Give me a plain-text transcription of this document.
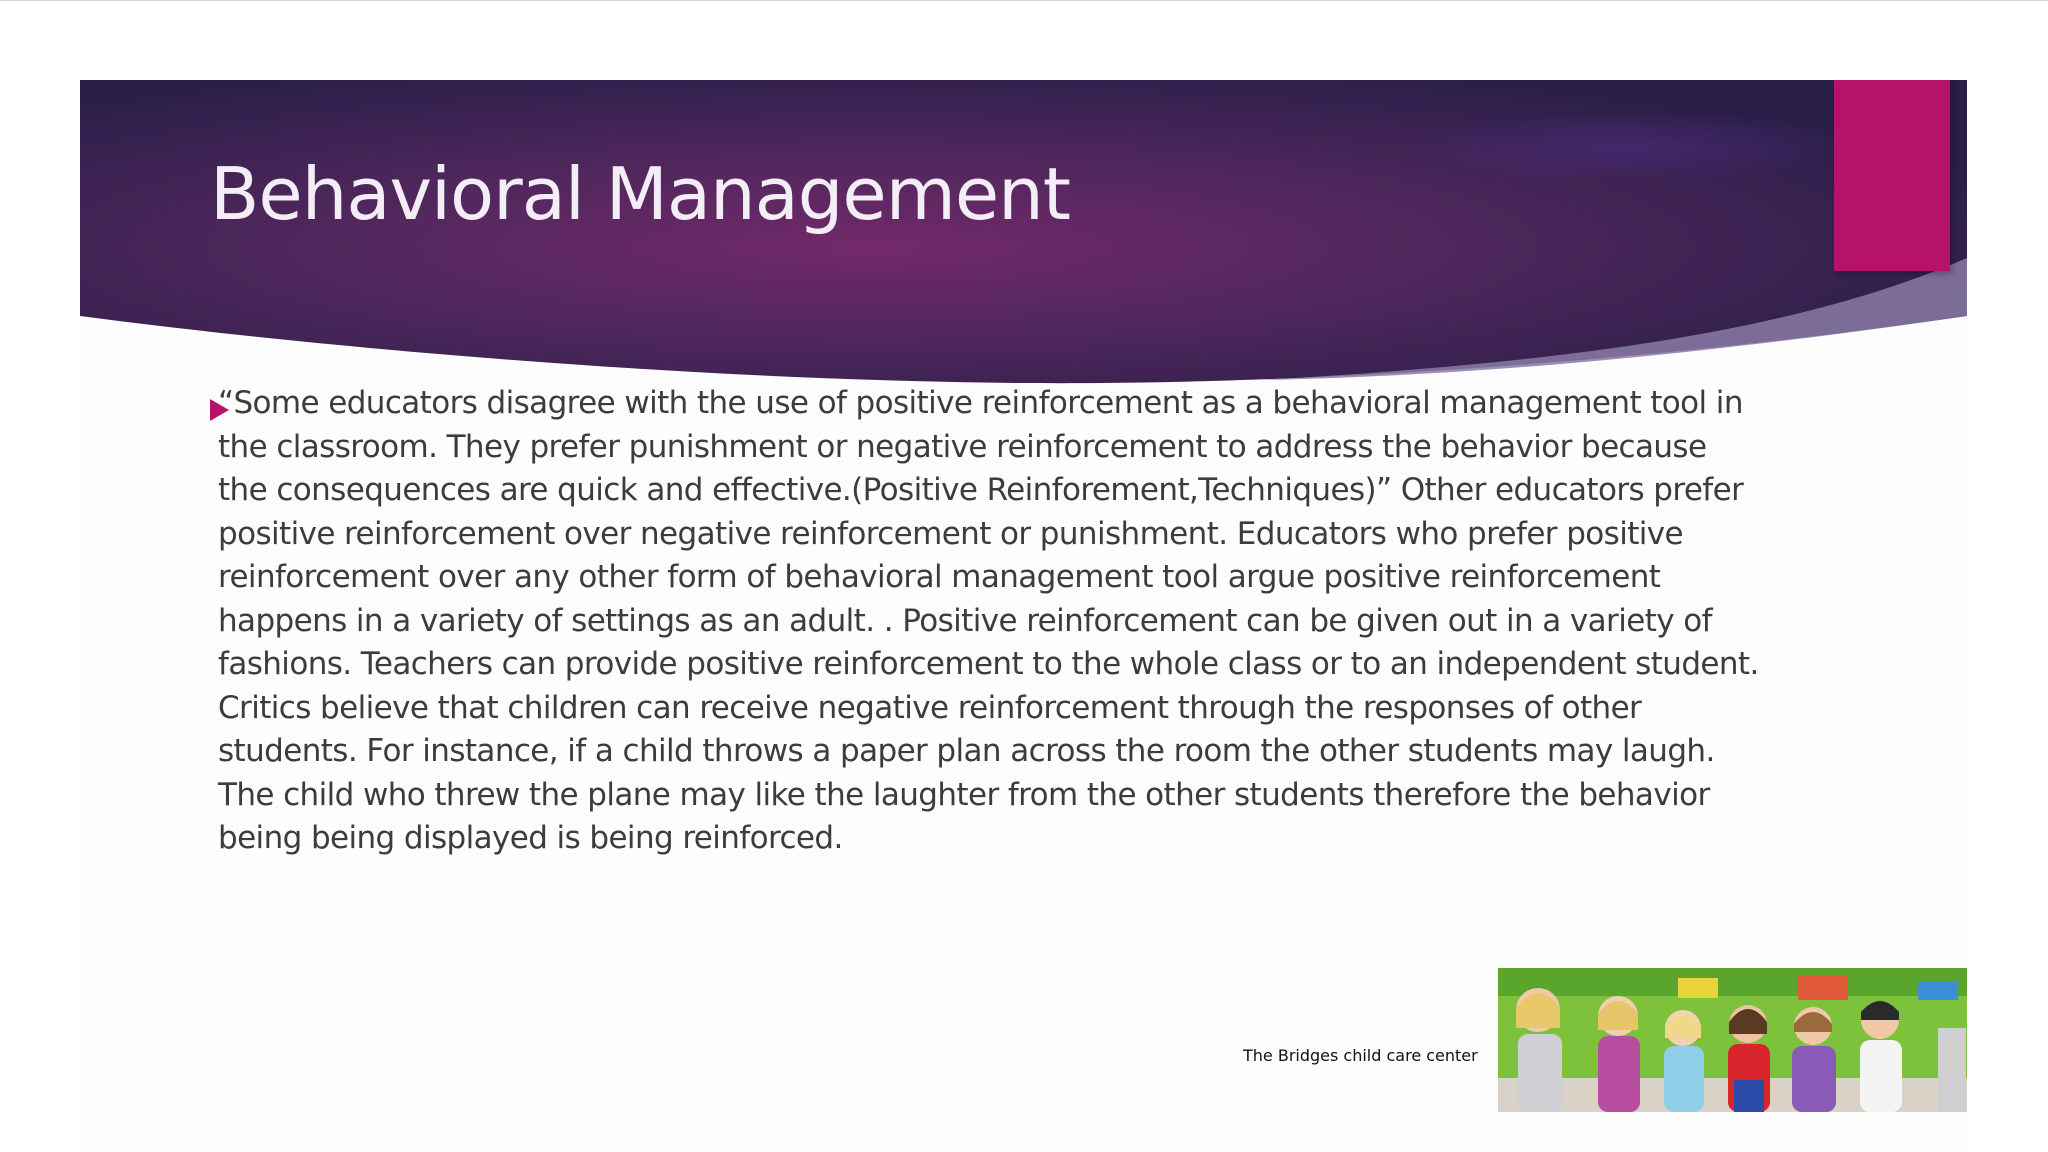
Behavioral Management

“Some educators disagree with the use of positive reinforcement as a behavioral management tool in the classroom. They prefer punishment or negative reinforcement to address the behavior because the consequences are quick and effective.(Positive Reinforement,Techniques)” Other educators prefer positive reinforcement over negative reinforcement or punishment. Educators who prefer positive reinforcement over any other form of behavioral management tool argue positive reinforcement happens in a variety of settings as an adult. . Positive reinforcement can be given out in a variety of fashions. Teachers can provide positive reinforcement to the whole class or to an independent student. Critics believe that children can receive negative reinforcement through the responses of other students. For instance, if a child throws a paper plan across the room the other students may laugh. The child who threw the plane may like the laughter from the other students therefore the behavior being being displayed is being reinforced.

The Bridges child care center
